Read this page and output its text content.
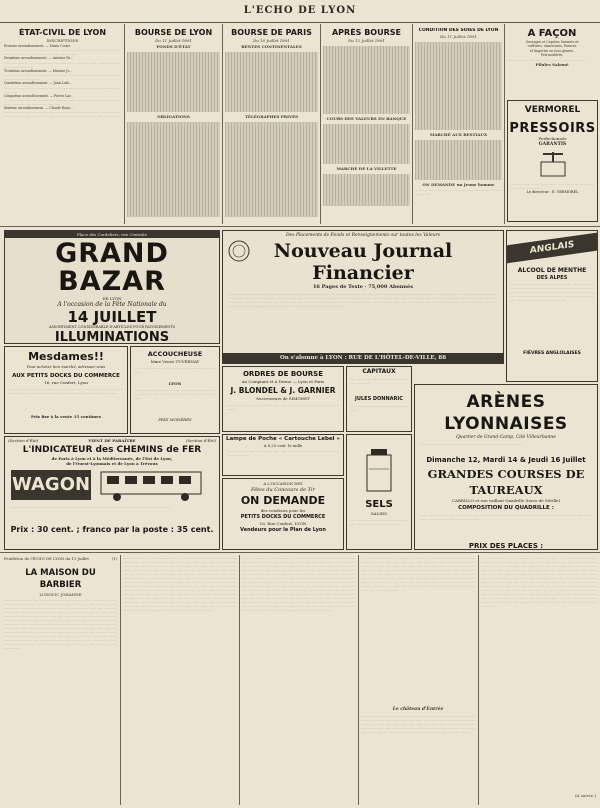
L'ECHO DE LYON
ÉTAT-CIVIL DE LYON
INSCRIPTIONS
Premier arrondissement. — Marie Corne.
··· ······ ········ ····· ······ ·········· ······ ······ ······ ········ ····· ······ ········· ······ ······ ········ ······· ······ ······· ····· ········ ······ ······· ······ ········ ······
Deuxième arrondissement. — Antoine Fa...
······· ······ ········ ····· ······ ·········· ······ ······ ······ ········ ····· ······ ········· ······ ······ ········ ······· ······ ·······
Troisième arrondissement. — Etienne Jo...
······ ······ ········ ····· ······ ·········· ······ ······ ······ ········ ····· ······ ········· ······ ······ ········ ······· ······ ······· ····· ········
Quatrième arrondissement. — Jean Lafo...
······ ······ ········ ····· ······ ·········· ······ ······ ······ ········ ····· ······ ········· ······ ······ ········ ······· ······
Cinquième arrondissement. — Pierre Lar...
······ ······ ········ ····· ······ ·········· ······ ······ ······ ········ ····· ······ ········· ······ ······ ········ ······· ······ ······· ····· ········ ······ ······· ······
Sixième arrondissement. — Claude Roux...
······ ······ ········ ····· ······ ·········· ······ ······ ······ ········ ····· ······ ········· ······ ······ ········ ······· ······ ······· ····· ········ ······ ······· ······ ········ ······ ······ ········ ····· ······ ·········· ······
BOURSE DE LYON
Du 11 Juillet 1891
FONDS D'ÉTAT
OBLIGATIONS
BOURSE DE PARIS
Du 10 Juillet 1891
RENTES CONTINENTALES
TÉLÉGRAPHES PRIVÉS
APRÈS BOURSE
Du 12 Juillet 1891
COURS DES VALEURS EN BANQUE
MARCHÉ DE LA VILLETTE
CONDITION DES SOIES DE LYON
Du 11 Juillet 1891
MARCHÉ AUX BESTIAUX
ON DEMANDE un Jeune homme
······ ······ ········ ····· ······ ·········· ······ ······ ······ ········ ····· ······ ········· ······
À FAÇON
Ouvrages et Capotes, bonnets et
coiffures, chaussures, Parures
et lingeries en tous genres.
Prix modérés.
······ ······ ········ ····· ······ ·········· ······ ······ ······ ········ ·····
Pilules Salomé
VERMOREL
PRESSOIRS
Perfectionnés
GARANTIS
······ ······ ········ ····· ······ ·········· ······ ······ ······ ········ ····· ······ ········· ······ ······
Le directeur : E. VERMOREL
Place des Cordeliers, rue Centrale
GRAND BAZAR
DE LYON
A l'occasion de la Fête Nationale du
14 JUILLET
ASSORTIMENT CONSIDÉRABLE D'ARTICLES POUR PAVOISEMENTS
ILLUMINATIONS
Des Placements de Fonds et Renseignements sur toutes les Valeurs
Nouveau Journal Financier
16 Pages de Texte · 75,000 Abonnés
······ ······ ········ ····· ······ ·········· ······ ······ ······ ········ ····· ······ ········· ······ ······ ········ ······· ······ ······· ····· ········ ······ ······· ······ ········ ······ ······ ········ ····· ······ ·········· ······ ······ ······ ········ ····· ······ ········· ······ ······ ········ ······· ······ ······· ····· ········ ······ ······· ······ ········ ······ ······ ········ ····· ······ ·········· ······ ······ ······ ········ ····· ······ ········· ······ ······ ········ ······· ······ ······· ····· ········ ······ ······· ······ ········ ······ ······ ········ ····· ······ ·········· ······ ······ ······ ········ ····· ······ ········· ······ ······ ········ ······· ······ ······· ····· ········ ······ ······· ······ ········ ······ ······ ········ ····· ······ ·········· ······ ······ ······ ········ ····· ······ ········· ······ ······ ········ ······· ······ ······· ····· ········ ······ ······· ······ ········
On s'abonne à LYON : RUE DE L'HÔTEL-DE-VILLE, 88
ANGLAIS
ALCOOL DE MENTHE
DES ALPES
······ ······ ········ ····· ······ ·········· ······ ······ ······ ········ ····· ······ ········· ······ ······ ········ ······· ······ ······· ····· ········ ······ ······· ······ ········ ······ ······ ········ ····· ······ ·········· ······ ······ ······ ········ ····· ······ ········· ······ ······ ········ ······· ······ ······· ····· ········ ······ ······· ······ ········ ······ ······
FIÈVRES ANGLOLAISES
Mesdames!!
Pour acheter bon marché, adressez-vous
AUX PETITS DOCKS DU COMMERCE
16, rue Confort, Lyon
······ ······ ········ ····· ······ ·········· ······ ······ ······ ········ ····· ······ ········· ······ ······ ········ ······· ······ ······· ····· ········ ······ ······· ······ ········ ······ ······ ········ ····· ······
Prix fixe à la vente 15 centimes
ACCOUCHEUSE
Mme Veuve TUVERNAY
······ ······ ········ ····· ······ ·········· ······ ······ ······ ········ ····· ······
LYON
······ ······ ········ ····· ······ ·········· ······ ······ ······ ········ ····· ······ ········· ······ ······ ········ ······· ······ ······· ····· ········ ······
PRIX MODÉRÉS
(Section d'Été)	VIENT DE PARAÎTRE	(Section d'Été)
L'INDICATEUR des CHEMINS de FER
de Paris à Lyon et à la Méditerranée, de l'Est de Lyon,
de l'Ouest-Lyonnais et de Lyon à Trévoux
WAGON
······ ······ ········ ····· ······ ·········· ······ ······ ······ ········ ····· ······ ········· ······ ······ ········ ······· ······ ······· ····· ········ ······
Prix : 30 cent. ; franco par la poste : 35 cent.
ORDRES DE BOURSE
Au Comptant et à Terme — Lyon et Paris
J. BLONDEL & J. GARNIER
Successeurs de SIMONET
······ ······ ········ ····· ······ ·········· ······ ······ ······ ········ ····· ······ ········· ······ ······ ········
CAPITAUX
······ ······ ········ ····· ······ ·········· ······ ······ ······ ········ ·····
JULES DONNARIC
······ ······ ········ ····· ······ ·········· ······ ······ ······
Lampe de Poche « Cartouche Lebel »
A 0,25 cent. le mille
······ ······ ········ ····· ······ ·········· ······ ······ ······ ········ ····· ······ ········· ······ ······ ········ ······· ······
A L'OCCASION DES
Fêtes du Concours de Tir
ON DEMANDE
des vendeurs pour les
PETITS DOCKS DU COMMERCE
16, Rue Confort, LYON
Vendeurs pour le Plan de Lyon
SELS
SALINS
······ ······ ········ ····· ······ ·········· ······ ······ ······ ········ ····· ······ ········· ······ ······
ARÈNES LYONNAISES
Quartier de Grand-Camp, Cité Villeurbanne
······ ······ ········ ····· ······ ·········· ······ ······ ······ ········ ····· ······ ········· ······
Dimanche 12, Mardi 14 & Jeudi 16 Juillet
GRANDES COURSES DE TAUREAUX
CARRILLO et son vaillant Quadrille (toros de Séville)
COMPOSITION DU QUADRILLE :
······ ······ ········ ····· ······ ·········· ······ ······ ······ ········ ····· ······ ········· ······ ······ ········ ······· ······ ······· ····· ········ ······ ······· ······ ········ ······ ······ ········ ····· ······ ··········
PRIX DES PLACES :
Feuilleton de l'ÉCHO DE LYON du 11 Juillet	(1)
LA MAISON DU BARBIER
LUDOVIC JOHANNE
······ ······ ········ ····· ······ ·········· ······ ······ ······ ········ ····· ······ ········· ······ ······ ········ ······· ······ ······· ····· ········ ······ ······· ······ ········ ······ ······ ········ ····· ······ ·········· ······ ······ ······ ········ ····· ······ ········· ······ ······ ········ ······· ······ ······· ····· ········ ······ ······· ······ ········ ······ ······ ········ ····· ······ ·········· ······ ······ ······ ········ ····· ······ ········· ······ ······ ········ ······· ······ ······· ····· ········ ······ ······· ······ ········ ······ ······ ········ ····· ······ ·········· ······ ······ ······ ········ ····· ······ ········· ······ ······ ········ ······· ······ ······· ····· ········ ······ ······· ······ ········ ······ ······ ········ ····· ······ ·········· ······ ······ ······ ········ ····· ······ ········· ······ ······ ········ ······· ······ ······· ····· ········ ······ ······· ······ ········ ······ ······ ········ ····· ······ ·········· ······ ······ ······ ········ ····· ······ ········· ······ ······ ········ ······· ······ ······· ····· ········ ······ ······· ······ ········ ······ ······ ········ ····· ······ ·········· ······ ······ ······ ········ ····· ······ ········· ······ ······ ········ ······· ······ ······· ····· ········ ······ ······· ······ ········ ······ ······ ········ ····· ······ ·········· ······
······ ······ ········ ····· ······ ·········· ······ ······ ······ ········ ····· ······ ········· ······ ······ ········ ······· ······ ······· ····· ········ ······ ······· ······ ········ ······ ······ ········ ····· ······ ·········· ······ ······ ······ ········ ····· ······ ········· ······ ······ ········ ······· ······ ······· ····· ········ ······ ······· ······ ········ ······ ······ ········ ····· ······ ·········· ······ ······ ······ ········ ····· ······ ········· ······ ······ ········ ······· ······ ······· ····· ········ ······ ······· ······ ········ ······ ······ ········ ····· ······ ·········· ······ ······ ······ ········ ····· ······ ········· ······ ······ ········ ······· ······ ······· ····· ········ ······ ······· ······ ········ ······ ······ ········ ····· ······ ·········· ······ ······ ······ ········ ····· ······ ········· ······ ······ ········ ······· ······ ······· ····· ········ ······ ······· ······ ········ ······ ······ ········ ····· ······ ·········· ······ ······ ······ ········ ····· ······ ········· ······ ······ ········ ······· ······ ······· ····· ········ ······ ······· ······ ········ ······ ······ ········ ····· ······ ·········· ······ ······ ······ ········ ····· ······ ········· ······ ······ ········ ······· ······ ······· ····· ········ ······ ······· ······ ········ ······ ······ ········ ····· ······ ·········· ······ ······ ······ ········ ····· ······ ········· ······ ······ ········ ······· ······ ······· ····· ········ ······ ······· ······ ········ ······ ······ ········ ····· ······ ·········· ······
······ ······ ········ ····· ······ ·········· ······ ······ ······ ········ ····· ······ ········· ······ ······ ········ ······· ······ ······· ····· ········ ······ ······· ······ ········ ······ ······ ········ ····· ······ ·········· ······ ······ ······ ········ ····· ······ ········· ······ ······ ········ ······· ······ ······· ····· ········ ······ ······· ······ ········ ······ ······ ········ ····· ······ ·········· ······ ······ ······ ········ ····· ······ ········· ······ ······ ········ ······· ······ ······· ····· ········ ······ ······· ······ ········ ······ ······ ········ ····· ······ ·········· ······ ······ ······ ········ ····· ······ ········· ······ ······ ········ ······· ······ ······· ····· ········ ······ ······· ······ ········ ······ ······ ········ ····· ······ ·········· ······ ······ ······ ········ ····· ······ ········· ······ ······ ········ ······· ······ ······· ····· ········ ······ ······· ······ ········ ······ ······ ········ ····· ······ ·········· ······ ······ ······ ········ ····· ······ ········· ······ ······ ········ ······· ······ ······· ····· ········ ······ ······· ······ ········ ······ ······ ········ ····· ······ ·········· ······ ······ ······ ········ ····· ······ ········· ······ ······ ········ ······· ······ ······· ····· ········ ······ ······· ······ ········ ······ ······ ········ ····· ······ ·········· ······ ······ ······ ········ ····· ······ ········· ······ ······ ········ ······· ······ ······· ····· ········ ······ ······· ······ ········ ······ ······ ········ ····· ······ ·········· ······
······ ······ ········ ····· ······ ·········· ······ ······ ······ ········ ····· ······ ········· ······ ······ ········ ······· ······ ······· ····· ········ ······ ······· ······ ········ ······ ······ ········ ····· ······ ·········· ······ ······ ······ ········ ····· ······ ········· ······ ······ ········ ······· ······ ······· ····· ········ ······ ······· ······ ········ ······ ······ ········ ····· ······ ·········· ······ ······ ······ ········ ····· ······ ········· ······ ······ ········ ······· ······ ······· ····· ········ ······ ······· ······ ········ ······ ······ ········ ····· ······ ·········· ······ ······ ······ ········ ····· ······ ········· ······ ······ ········ ······· ······ ······· ····· ········ ······ ······· ······ ········ ······ ······ ········ ····· ······ ·········· ······ ······ ······ ········ ····· ······ ········· ······ ······ ········ ······· ······ ······· ····· ········ ······ ······· ······ ········
Le château d'Entrée
······ ······ ········ ····· ······ ·········· ······ ······ ······ ········ ····· ······ ········· ······ ······ ········ ······· ······ ······· ····· ········ ······ ······· ······ ········ ······ ······ ········ ····· ······ ·········· ······ ······ ······ ········ ····· ······ ········· ······ ······ ········ ······· ······ ······· ····· ········ ······ ······· ······ ········ ······ ······ ········ ····· ······ ·········· ······ ······ ······ ········ ····· ······ ········· ······ ······ ········ ······· ······ ······· ····· ········ ······ ······· ······ ········
······ ······ ········ ····· ······ ·········· ······ ······ ······ ········ ····· ······ ········· ······ ······ ········ ······· ······ ······· ····· ········ ······ ······· ······ ········ ······ ······ ········ ····· ······ ·········· ······ ······ ······ ········ ····· ······ ········· ······ ······ ········ ······· ······ ······· ····· ········ ······ ······· ······ ········ ······ ······ ········ ····· ······ ·········· ······ ······ ······ ········ ····· ······ ········· ······ ······ ········ ······· ······ ······· ····· ········ ······ ······· ······ ········ ······ ······ ········ ····· ······ ·········· ······ ······ ······ ········ ····· ······ ········· ······ ······ ········ ······· ······ ······· ····· ········ ······ ······· ······ ········ ······ ······ ········ ····· ······ ·········· ······ ······ ······ ········ ····· ······ ········· ······ ······ ········ ······· ······ ······· ····· ········ ······ ······· ······ ········ ······ ······ ········ ····· ······ ·········· ······ ······ ······ ········ ····· ······ ········· ······ ······ ········ ······· ······ ······· ····· ········ ······ ······· ······ ········ ······ ······ ········ ····· ······ ·········· ······ ······ ······ ········ ····· ······ ········· ······ ······ ········ ······· ······ ······· ····· ········ ······ ······· ······ ········ ······ ······ ········ ····· ······ ·········· ······
(A suivre.)
